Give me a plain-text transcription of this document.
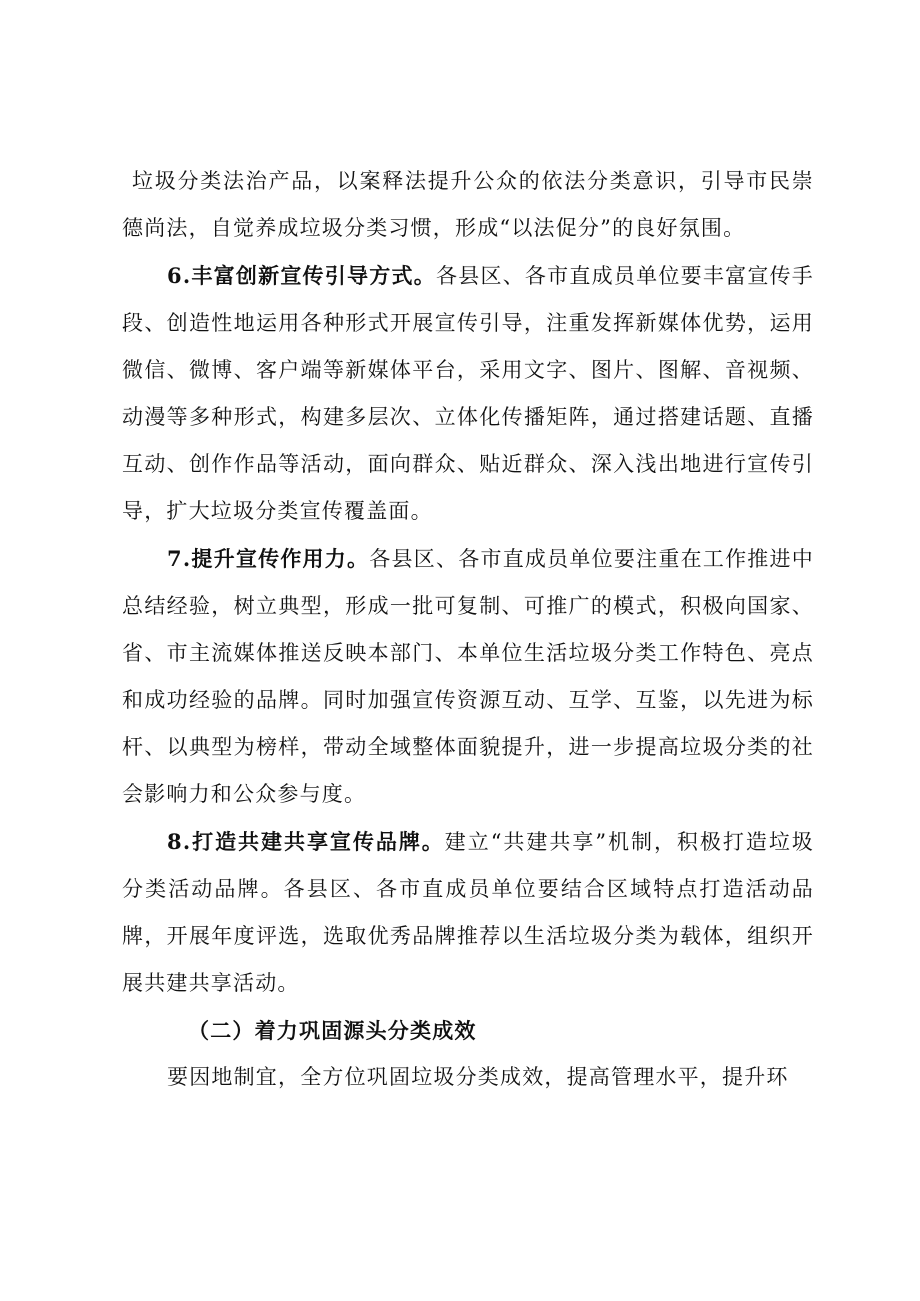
垃圾分类法治产品，以案释法提升公众的依法分类意识，引导市民崇德尚法，自觉养成垃圾分类习惯，形成“以法促分”的良好氛围。

6.丰富创新宣传引导方式。各县区、各市直成员单位要丰富宣传手段、创造性地运用各种形式开展宣传引导，注重发挥新媒体优势，运用微信、微博、客户端等新媒体平台，采用文字、图片、图解、音视频、动漫等多种形式，构建多层次、立体化传播矩阵，通过搭建话题、直播互动、创作作品等活动，面向群众、贴近群众、深入浅出地进行宣传引导，扩大垃圾分类宣传覆盖面。

7.提升宣传作用力。各县区、各市直成员单位要注重在工作推进中总结经验，树立典型，形成一批可复制、可推广的模式，积极向国家、省、市主流媒体推送反映本部门、本单位生活垃圾分类工作特色、亮点和成功经验的品牌。同时加强宣传资源互动、互学、互鉴，以先进为标杆、以典型为榜样，带动全域整体面貌提升，进一步提高垃圾分类的社会影响力和公众参与度。

8.打造共建共享宣传品牌。建立“共建共享”机制，积极打造垃圾分类活动品牌。各县区、各市直成员单位要结合区域特点打造活动品牌，开展年度评选，选取优秀品牌推荐以生活垃圾分类为载体，组织开展共建共享活动。

（二）着力巩固源头分类成效

要因地制宜，全方位巩固垃圾分类成效，提高管理水平，提升环
